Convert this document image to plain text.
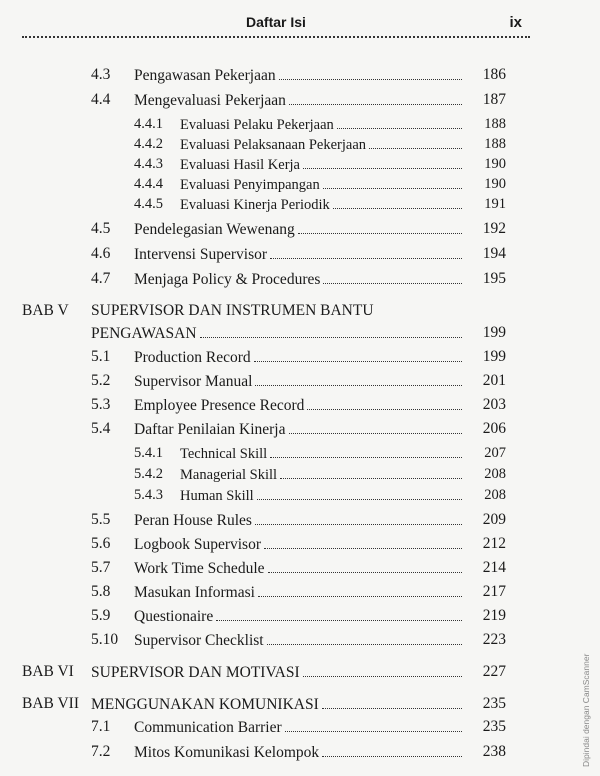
Daftar Isi	ix
4.3 Pengawasan Pekerjaan	186
4.4 Mengevaluasi Pekerjaan	187
4.4.1 Evaluasi Pelaku Pekerjaan	188
4.4.2 Evaluasi Pelaksanaan Pekerjaan	188
4.4.3 Evaluasi Hasil Kerja	190
4.4.4 Evaluasi Penyimpangan	190
4.4.5 Evaluasi Kinerja Periodik	191
4.5 Pendelegasian Wewenang	192
4.6 Intervensi Supervisor	194
4.7 Menjaga Policy & Procedures	195
BAB V SUPERVISOR DAN INSTRUMEN BANTU
PENGAWASAN	199
5.1 Production Record	199
5.2 Supervisor Manual	201
5.3 Employee Presence Record	203
5.4 Daftar Penilaian Kinerja	206
5.4.1 Technical Skill	207
5.4.2 Managerial Skill	208
5.4.3 Human Skill	208
5.5 Peran House Rules	209
5.6 Logbook Supervisor	212
5.7 Work Time Schedule	214
5.8 Masukan Informasi	217
5.9 Questionaire	219
5.10 Supervisor Checklist	223
BAB VI SUPERVISOR DAN MOTIVASI	227
BAB VII MENGGUNAKAN KOMUNIKASI	235
7.1 Communication Barrier	235
7.2 Mitos Komunikasi Kelompok	238	Dipindai dengan CamScanner
